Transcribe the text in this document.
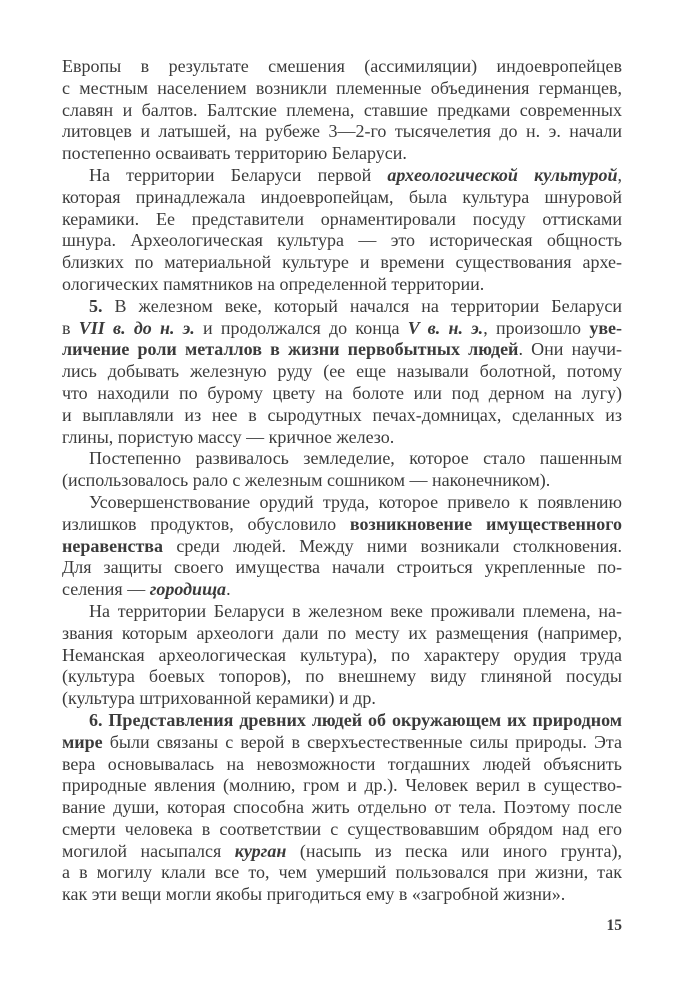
Европы в результате смешения (ассимиляции) индоевропейцев
с местным населением возникли племенные объединения германцев,
славян и балтов. Балтские племена, ставшие предками современных
литовцев и латышей, на рубеже 3—2-го тысячелетия до н. э. начали
постепенно осваивать территорию Беларуси.
На территории Беларуси первой археологической культурой,
которая принадлежала индоевропейцам, была культура шнуровой
керамики. Ее представители орнаментировали посуду оттисками
шнура. Археологическая культура — это историческая общность
близких по материальной культуре и времени существования архе-
ологических памятников на определенной территории.
5. В железном веке, который начался на территории Беларуси
в VII в. до н. э. и продолжался до конца V в. н. э., произошло уве-
личение роли металлов в жизни первобытных людей. Они научи-
лись добывать железную руду (ее еще называли болотной, потому
что находили по бурому цвету на болоте или под дерном на лугу)
и выплавляли из нее в сыродутных печах-домницах, сделанных из
глины, пористую массу — кричное железо.
Постепенно развивалось земледелие, которое стало пашенным
(использовалось рало с железным сошником — наконечником).
Усовершенствование орудий труда, которое привело к появлению
излишков продуктов, обусловило возникновение имущественного
неравенства среди людей. Между ними возникали столкновения.
Для защиты своего имущества начали строиться укрепленные по-
селения — городища.
На территории Беларуси в железном веке проживали племена, на-
звания которым археологи дали по месту их размещения (например,
Неманская археологическая культура), по характеру орудия труда
(культура боевых топоров), по внешнему виду глиняной посуды
(культура штрихованной керамики) и др.
6. Представления древних людей об окружающем их природном
мире были связаны с верой в сверхъестественные силы природы. Эта
вера основывалась на невозможности тогдашних людей объяснить
природные явления (молнию, гром и др.). Человек верил в существо-
вание души, которая способна жить отдельно от тела. Поэтому после
смерти человека в соответствии с существовавшим обрядом над его
могилой насыпался курган (насыпь из песка или иного грунта),
а в могилу клали все то, чем умерший пользовался при жизни, так
как эти вещи могли якобы пригодиться ему в «загробной жизни».
15
